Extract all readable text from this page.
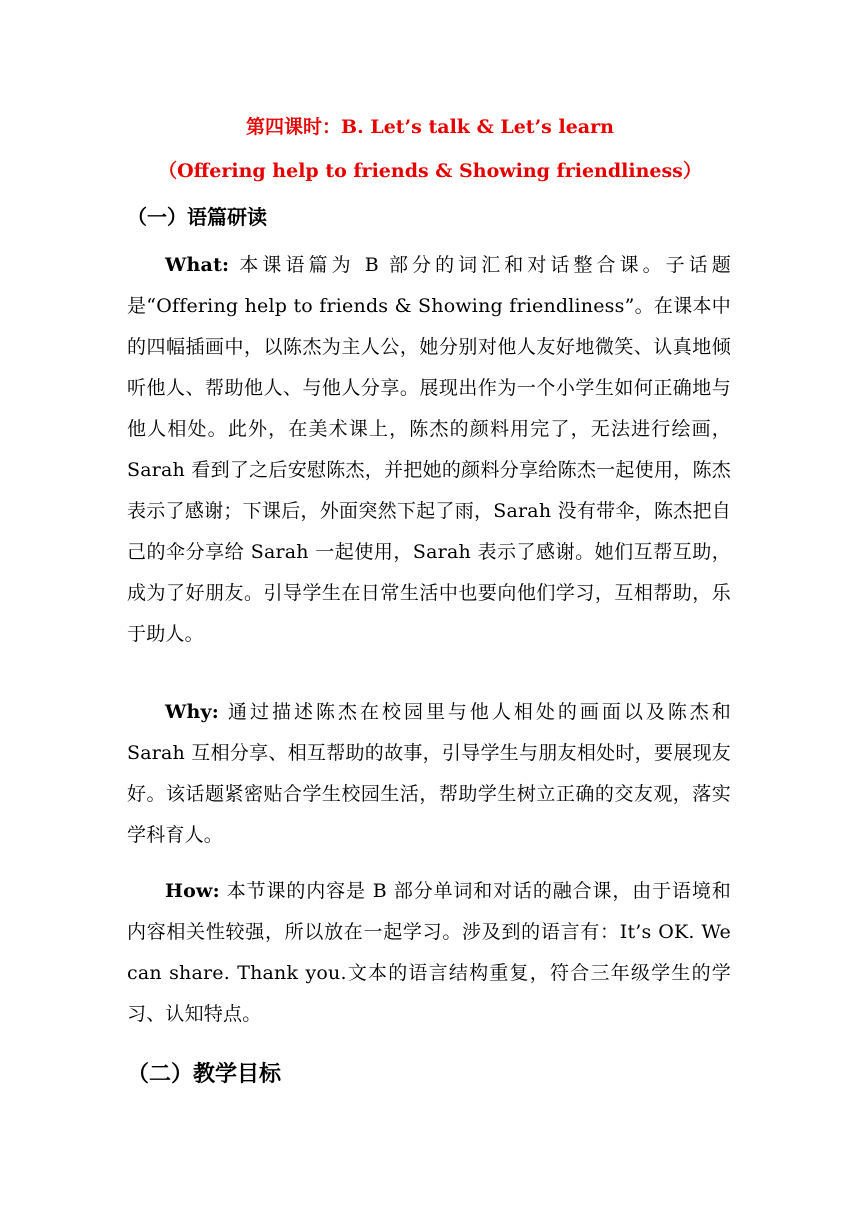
第四课时：B. Let’s talk & Let’s learn
（Offering help to friends & Showing friendliness）
（一）语篇研读

What: 本课语篇为 B 部分的词汇和对话整合课。子话题是“Offering help to friends & Showing friendliness”。在课本中的四幅插画中，以陈杰为主人公，她分别对他人友好地微笑、认真地倾听他人、帮助他人、与他人分享。展现出作为一个小学生如何正确地与他人相处。此外，在美术课上，陈杰的颜料用完了，无法进行绘画，Sarah 看到了之后安慰陈杰，并把她的颜料分享给陈杰一起使用，陈杰表示了感谢；下课后，外面突然下起了雨，Sarah 没有带伞，陈杰把自己的伞分享给 Sarah 一起使用，Sarah 表示了感谢。她们互帮互助，成为了好朋友。引导学生在日常生活中也要向他们学习，互相帮助，乐于助人。

Why: 通过描述陈杰在校园里与他人相处的画面以及陈杰和 Sarah 互相分享、相互帮助的故事，引导学生与朋友相处时，要展现友好。该话题紧密贴合学生校园生活，帮助学生树立正确的交友观，落实学科育人。

How: 本节课的内容是 B 部分单词和对话的融合课，由于语境和内容相关性较强，所以放在一起学习。涉及到的语言有：It’s OK. We can share. Thank you.文本的语言结构重复，符合三年级学生的学习、认知特点。

（二）教学目标
